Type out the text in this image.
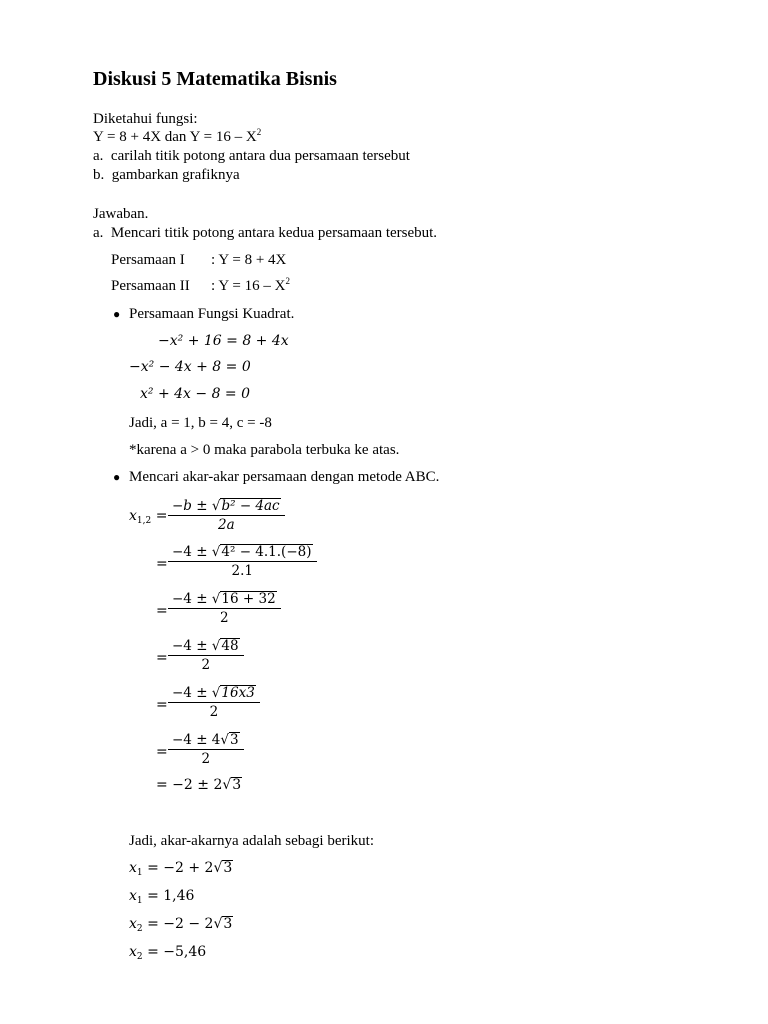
Diskusi 5 Matematika Bisnis
Diketahui fungsi:
Y = 8 + 4X dan $Y = 16 - X^2$
a. carilah titik potong antara dua persamaan tersebut
b. gambarkan grafiknya
Jawaban.
a. Mencari titik potong antara kedua persamaan tersebut.
Persamaan I : Y = 8 + 4X
Persamaan II : $Y = 16 - X^2$
● Persamaan Fungsi Kuadrat.
−x² + 16 = 8 + 4x
−x² − 4x + 8 = 0
x² + 4x − 8 = 0
Jadi, a = 1, b = 4, c = -8
*karena a > 0 maka parabola terbuka ke atas.
● Mencari akar-akar persamaan dengan metode ABC.
$x_{1,2} = \frac{\text{−b ± √b² − 4ac}}{2a}$
= $\frac{\text{−4 ± √4² − 4.1.(−8)}}{2.1}$
= $\frac{-4 \pm √16 + 32}{2}$
= $\frac{-4 \pm √48}{2}$
= $\frac{-4 \pm √16x3}{2}$
= $\frac{-4 \pm 4√3}{2}$
= −2 ± 2√3
Jadi, akar-akarnya adalah sebagi berikut:
$x_1 = -2 + 2√3$
$x_1 = 1,46$
$x_2 = -2 - 2√3$
$x_2 = -5,46$
